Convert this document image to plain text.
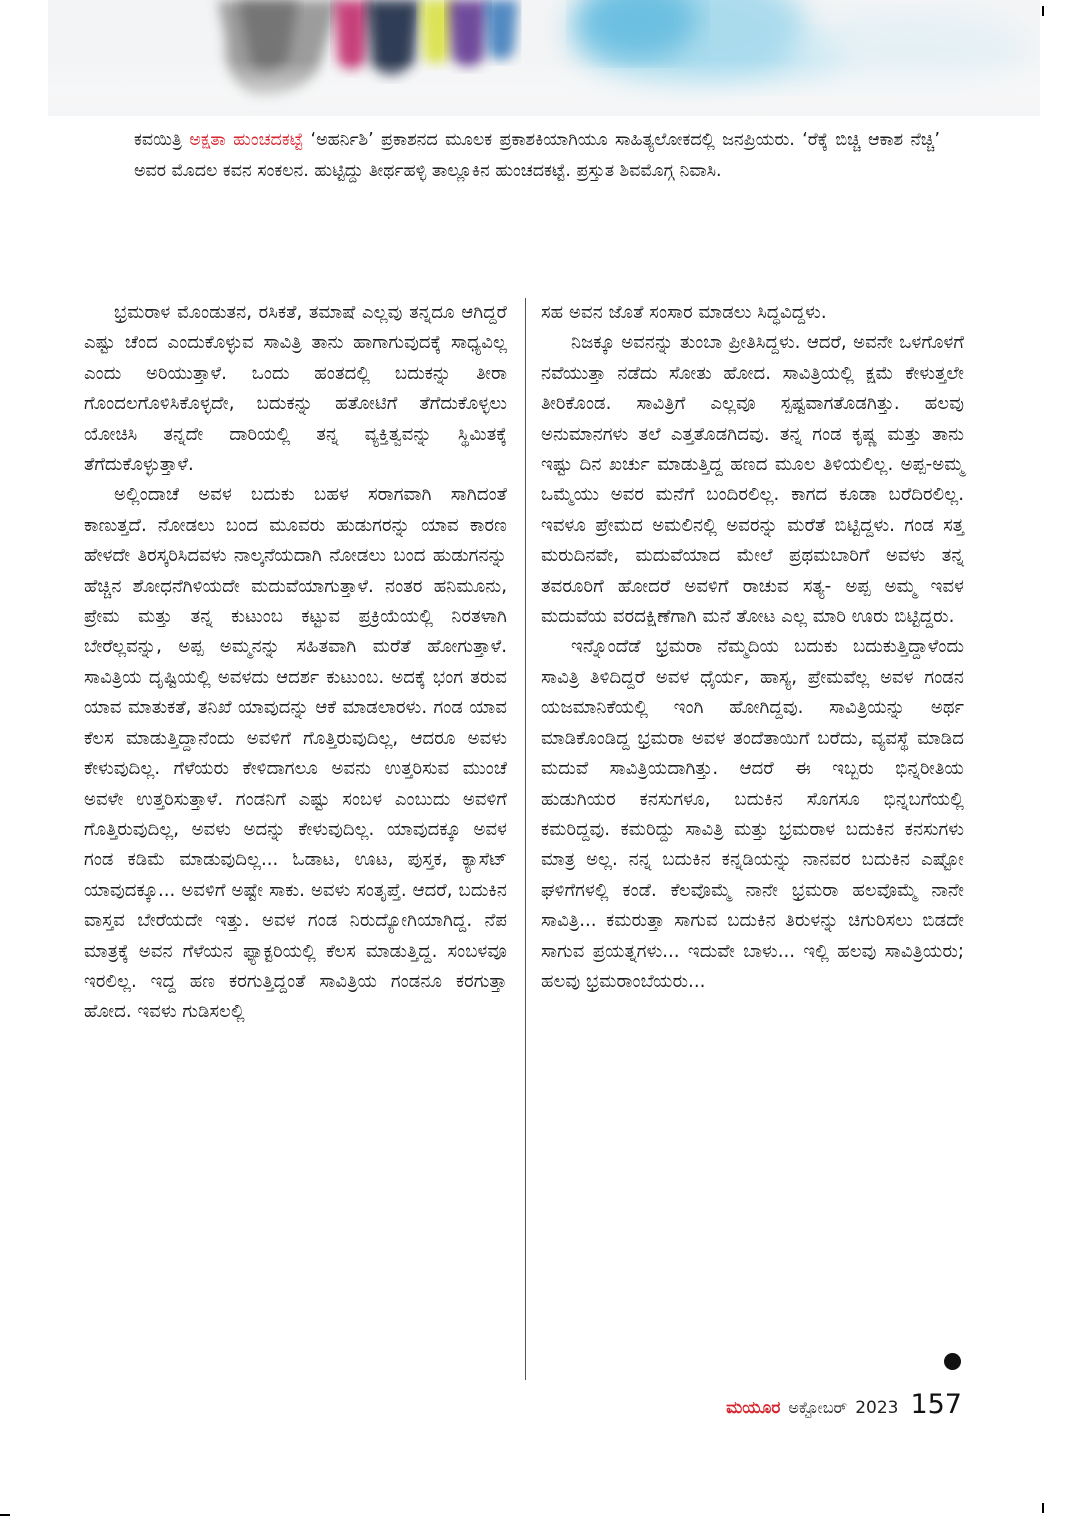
ಕವಯಿತ್ರಿ ಅಕ್ಷತಾ ಹುಂಚದಕಟ್ಟೆ ‘ಅಹರ್ನಿಶಿ’ ಪ್ರಕಾಶನದ ಮೂಲಕ ಪ್ರಕಾಶಕಿಯಾಗಿಯೂ ಸಾಹಿತ್ಯಲೋಕದಲ್ಲಿ ಜನಪ್ರಿಯರು. ‘ರೆಕ್ಕೆ ಬಿಚ್ಚಿ ಆಕಾಶ ನೆಚ್ಚಿ’ ಅವರ ಮೊದಲ ಕವನ ಸಂಕಲನ. ಹುಟ್ಟಿದ್ದು ತೀರ್ಥಹಳ್ಳಿ ತಾಲ್ಲೂಕಿನ ಹುಂಚದಕಟ್ಟೆ. ಪ್ರಸ್ತುತ ಶಿವಮೊಗ್ಗ ನಿವಾಸಿ.

ಭ್ರಮರಾಳ ಮೊಂಡುತನ, ರಸಿಕತೆ, ತಮಾಷೆ ಎಲ್ಲವು ತನ್ನದೂ ಆಗಿದ್ದರೆ ಎಷ್ಟು ಚೆಂದ ಎಂದುಕೊಳ್ಳುವ ಸಾವಿತ್ರಿ ತಾನು ಹಾಗಾಗುವುದಕ್ಕೆ ಸಾಧ್ಯವಿಲ್ಲ ಎಂದು ಅರಿಯುತ್ತಾಳೆ. ಒಂದು ಹಂತದಲ್ಲಿ ಬದುಕನ್ನು ತೀರಾ ಗೊಂದಲಗೊಳಿಸಿಕೊಳ್ಳದೇ, ಬದುಕನ್ನು ಹತೋಟಿಗೆ ತೆಗೆದುಕೊಳ್ಳಲು ಯೋಚಿಸಿ ತನ್ನದೇ ದಾರಿಯಲ್ಲಿ ತನ್ನ ವ್ಯಕ್ತಿತ್ವವನ್ನು ಸ್ಥಿಮಿತಕ್ಕೆ ತೆಗೆದುಕೊಳ್ಳುತ್ತಾಳೆ.

ಅಲ್ಲಿಂದಾಚೆ ಅವಳ ಬದುಕು ಬಹಳ ಸರಾಗವಾಗಿ ಸಾಗಿದಂತೆ ಕಾಣುತ್ತದೆ. ನೋಡಲು ಬಂದ ಮೂವರು ಹುಡುಗರನ್ನು ಯಾವ ಕಾರಣ ಹೇಳದೇ ತಿರಸ್ಕರಿಸಿದವಳು ನಾಲ್ಕನೆಯದಾಗಿ ನೋಡಲು ಬಂದ ಹುಡುಗನನ್ನು ಹೆಚ್ಚಿನ ಶೋಧನೆಗಿಳಿಯದೇ ಮದುವೆಯಾಗುತ್ತಾಳೆ. ನಂತರ ಹನಿಮೂನು, ಪ್ರೇಮ ಮತ್ತು ತನ್ನ ಕುಟುಂಬ ಕಟ್ಟುವ ಪ್ರಕ್ರಿಯೆಯಲ್ಲಿ ನಿರತಳಾಗಿ ಬೇರೆಲ್ಲವನ್ನು, ಅಪ್ಪ ಅಮ್ಮನನ್ನು ಸಹಿತವಾಗಿ ಮರೆತೆ ಹೋಗುತ್ತಾಳೆ. ಸಾವಿತ್ರಿಯ ದೃಷ್ಟಿಯಲ್ಲಿ ಅವಳದು ಆದರ್ಶ ಕುಟುಂಬ. ಅದಕ್ಕೆ ಭಂಗ ತರುವ ಯಾವ ಮಾತುಕತೆ, ತನಿಖೆ ಯಾವುದನ್ನು ಆಕೆ ಮಾಡಲಾರಳು. ಗಂಡ ಯಾವ ಕೆಲಸ ಮಾಡುತ್ತಿದ್ದಾನೆಂದು ಅವಳಿಗೆ ಗೊತ್ತಿರುವುದಿಲ್ಲ, ಆದರೂ ಅವಳು ಕೇಳುವುದಿಲ್ಲ. ಗೆಳೆಯರು ಕೇಳಿದಾಗಲೂ ಅವನು ಉತ್ತರಿಸುವ ಮುಂಚೆ ಅವಳೇ ಉತ್ತರಿಸುತ್ತಾಳೆ. ಗಂಡನಿಗೆ ಎಷ್ಟು ಸಂಬಳ ಎಂಬುದು ಅವಳಿಗೆ ಗೊತ್ತಿರುವುದಿಲ್ಲ, ಅವಳು ಅದನ್ನು ಕೇಳುವುದಿಲ್ಲ. ಯಾವುದಕ್ಕೂ ಅವಳ ಗಂಡ ಕಡಿಮೆ ಮಾಡುವುದಿಲ್ಲ... ಓಡಾಟ, ಊಟ, ಪುಸ್ತಕ, ಕ್ಯಾಸೆಟ್ ಯಾವುದಕ್ಕೂ... ಅವಳಿಗೆ ಅಷ್ಟೇ ಸಾಕು. ಅವಳು ಸಂತೃಪ್ತೆ. ಆದರೆ, ಬದುಕಿನ ವಾಸ್ತವ ಬೇರೆಯದೇ ಇತ್ತು. ಅವಳ ಗಂಡ ನಿರುದ್ಯೋಗಿಯಾಗಿದ್ದ. ನೆಪ ಮಾತ್ರಕ್ಕೆ ಅವನ ಗೆಳೆಯನ ಫ್ಯಾಕ್ಟರಿಯಲ್ಲಿ ಕೆಲಸ ಮಾಡುತ್ತಿದ್ದ. ಸಂಬಳವೂ ಇರಲಿಲ್ಲ. ಇದ್ದ ಹಣ ಕರಗುತ್ತಿದ್ದಂತೆ ಸಾವಿತ್ರಿಯ ಗಂಡನೂ ಕರಗುತ್ತಾ ಹೋದ. ಇವಳು ಗುಡಿಸಲಲ್ಲಿ

ಸಹ ಅವನ ಜೊತೆ ಸಂಸಾರ ಮಾಡಲು ಸಿದ್ಧವಿದ್ದಳು.

ನಿಜಕ್ಕೂ ಅವನನ್ನು ತುಂಬಾ ಪ್ರೀತಿಸಿದ್ದಳು. ಆದರೆ, ಅವನೇ ಒಳಗೊಳಗೆ ನವೆಯುತ್ತಾ ನಡೆದು ಸೋತು ಹೋದ. ಸಾವಿತ್ರಿಯಲ್ಲಿ ಕ್ಷಮೆ ಕೇಳುತ್ತಲೇ ತೀರಿಕೊಂಡ. ಸಾವಿತ್ರಿಗೆ ಎಲ್ಲವೂ ಸ್ಪಷ್ಟವಾಗತೊಡಗಿತ್ತು. ಹಲವು ಅನುಮಾನಗಳು ತಲೆ ಎತ್ತತೊಡಗಿದವು. ತನ್ನ ಗಂಡ ಕೃಷ್ಣ ಮತ್ತು ತಾನು ಇಷ್ಟು ದಿನ ಖರ್ಚು ಮಾಡುತ್ತಿದ್ದ ಹಣದ ಮೂಲ ತಿಳಿಯಲಿಲ್ಲ. ಅಪ್ಪ-ಅಮ್ಮ ಒಮ್ಮೆಯು ಅವರ ಮನೆಗೆ ಬಂದಿರಲಿಲ್ಲ. ಕಾಗದ ಕೂಡಾ ಬರೆದಿರಲಿಲ್ಲ. ಇವಳೂ ಪ್ರೇಮದ ಅಮಲಿನಲ್ಲಿ ಅವರನ್ನು ಮರೆತೆ ಬಿಟ್ಟಿದ್ದಳು. ಗಂಡ ಸತ್ತ ಮರುದಿನವೇ, ಮದುವೆಯಾದ ಮೇಲೆ ಪ್ರಥಮಬಾರಿಗೆ ಅವಳು ತನ್ನ ತವರೂರಿಗೆ ಹೋದರೆ ಅವಳಿಗೆ ರಾಚುವ ಸತ್ಯ- ಅಪ್ಪ ಅಮ್ಮ ಇವಳ ಮದುವೆಯ ವರದಕ್ಷಿಣೆಗಾಗಿ ಮನೆ ತೋಟ ಎಲ್ಲ ಮಾರಿ ಊರು ಬಿಟ್ಟಿದ್ದರು.

ಇನ್ನೊಂದೆಡೆ ಭ್ರಮರಾ ನೆಮ್ಮದಿಯ ಬದುಕು ಬದುಕುತ್ತಿದ್ದಾಳೆಂದು ಸಾವಿತ್ರಿ ತಿಳಿದಿದ್ದರೆ ಅವಳ ಧೈರ್ಯ, ಹಾಸ್ಯ, ಪ್ರೇಮವೆಲ್ಲ ಅವಳ ಗಂಡನ ಯಜಮಾನಿಕೆಯಲ್ಲಿ ಇಂಗಿ ಹೋಗಿದ್ದವು. ಸಾವಿತ್ರಿಯನ್ನು ಅರ್ಥ ಮಾಡಿಕೊಂಡಿದ್ದ ಭ್ರಮರಾ ಅವಳ ತಂದೆತಾಯಿಗೆ ಬರೆದು, ವ್ಯವಸ್ಥೆ ಮಾಡಿದ ಮದುವೆ ಸಾವಿತ್ರಿಯದಾಗಿತ್ತು. ಆದರೆ ಈ ಇಬ್ಬರು ಭಿನ್ನರೀತಿಯ ಹುಡುಗಿಯರ ಕನಸುಗಳೂ, ಬದುಕಿನ ಸೊಗಸೂ ಭಿನ್ನಬಗೆಯಲ್ಲಿ ಕಮರಿದ್ದವು. ಕಮರಿದ್ದು ಸಾವಿತ್ರಿ ಮತ್ತು ಭ್ರಮರಾಳ ಬದುಕಿನ ಕನಸುಗಳು ಮಾತ್ರ ಅಲ್ಲ. ನನ್ನ ಬದುಕಿನ ಕನ್ನಡಿಯನ್ನು ನಾನವರ ಬದುಕಿನ ಎಷ್ಟೋ ಘಳಿಗೆಗಳಲ್ಲಿ ಕಂಡೆ. ಕೆಲವೊಮ್ಮೆ ನಾನೇ ಭ್ರಮರಾ ಹಲವೊಮ್ಮೆ ನಾನೇ ಸಾವಿತ್ರಿ... ಕಮರುತ್ತಾ ಸಾಗುವ ಬದುಕಿನ ತಿರುಳನ್ನು ಚಿಗುರಿಸಲು ಬಿಡದೇ ಸಾಗುವ ಪ್ರಯತ್ನಗಳು... ಇದುವೇ ಬಾಳು... ಇಲ್ಲಿ ಹಲವು ಸಾವಿತ್ರಿಯರು; ಹಲವು ಭ್ರಮರಾಂಬೆಯರು...

ಮಯೂರ ಅಕ್ಟೋಬರ್ 2023 157
